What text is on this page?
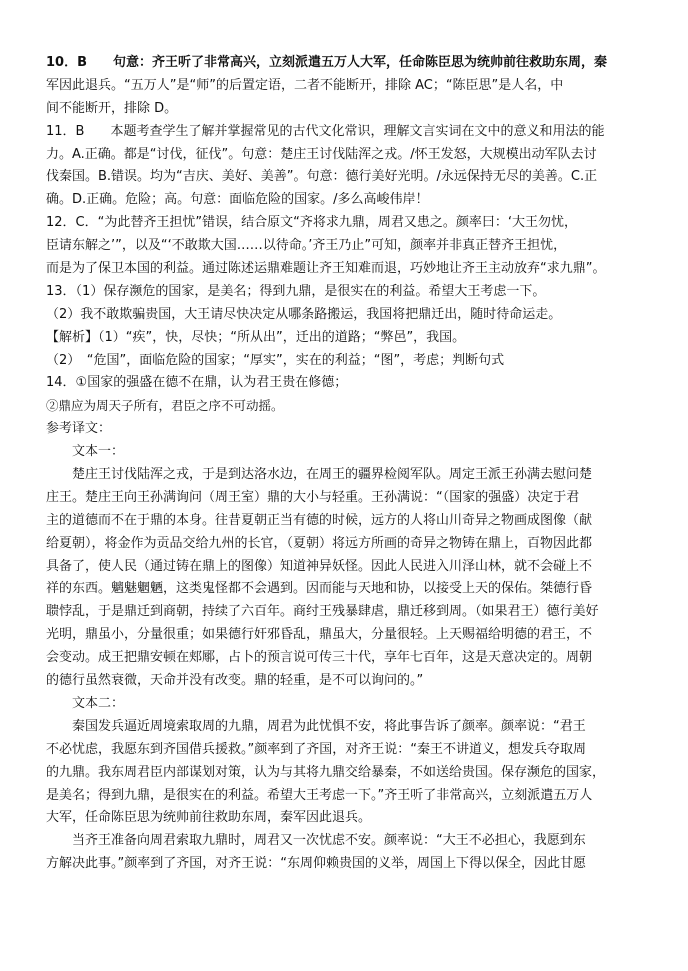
10．B　　句意：齐王听了非常高兴，立刻派遣五万人大军，任命陈臣思为统帅前往救助东周，秦
军因此退兵。“五万人”是“师”的后置定语，二者不能断开，排除 AC；“陈臣思”是人名，中
间不能断开，排除 D。
11．B　　本题考查学生了解并掌握常见的古代文化常识，理解文言实词在文中的意义和用法的能
力。A.正确。都是“讨伐，征伐”。句意：楚庄王讨伐陆浑之戎。/怀王发怒，大规模出动军队去讨
伐秦国。B.错误。均为“吉庆、美好、美善”。句意：德行美好光明。/永远保持无尽的美善。C.正
确。D.正确。危险；高。句意：面临危险的国家。/多么高峻伟岸！
12．C．“为此替齐王担忧”错误，结合原文“齐将求九鼎，周君又患之。颜率曰：‘大王勿忧，
臣请东解之’”，以及“‘不敢欺大国……以待命。’齐王乃止”可知，颜率并非真正替齐王担忧，
而是为了保卫本国的利益。通过陈述运鼎难题让齐王知难而退，巧妙地让齐王主动放弃“求九鼎”。
13．（1）保存濒危的国家，是美名；得到九鼎，是很实在的利益。希望大王考虑一下。
（2）我不敢欺骗贵国，大王请尽快决定从哪条路搬运，我国将把鼎迁出，随时待命运走。
【解析】（1）“疾”，快，尽快；“所从出”，迁出的道路；“弊邑”，我国。
（2）　“危国”，面临危险的国家；“厚实”，实在的利益；“图”，考虑；判断句式
14．①国家的强盛在德不在鼎，认为君王贵在修德；
②鼎应为周天子所有，君臣之序不可动摇。
参考译文：
文本一：
楚庄王讨伐陆浑之戎，于是到达洛水边，在周王的疆界检阅军队。周定王派王孙满去慰问楚
庄王。楚庄王向王孙满询问（周王室）鼎的大小与轻重。王孙满说：“（国家的强盛）决定于君
主的道德而不在于鼎的本身。往昔夏朝正当有德的时候，远方的人将山川奇异之物画成图像（献
给夏朝），将金作为贡品交给九州的长官，（夏朝）将远方所画的奇异之物铸在鼎上，百物因此都
具备了，使人民（通过铸在鼎上的图像）知道神异妖怪。因此人民进入川泽山林，就不会碰上不
祥的东西。魑魅魍魉，这类鬼怪都不会遇到。因而能与天地和协，以接受上天的保佑。桀德行昏
聩悖乱，于是鼎迁到商朝，持续了六百年。商纣王残暴肆虐，鼎迁移到周。（如果君王）德行美好
光明，鼎虽小，分量很重；如果德行奸邪昏乱，鼎虽大，分量很轻。上天赐福给明德的君王，不
会变动。成王把鼎安顿在郏鄏，占卜的预言说可传三十代，享年七百年，这是天意决定的。周朝
的德行虽然衰微，天命并没有改变。鼎的轻重，是不可以询问的。”
文本二：
秦国发兵逼近周境索取周的九鼎，周君为此忧惧不安，将此事告诉了颜率。颜率说：“君王
不必忧虑，我愿东到齐国借兵援救。”颜率到了齐国，对齐王说：“秦王不讲道义，想发兵夺取周
的九鼎。我东周君臣内部谋划对策，认为与其将九鼎交给暴秦，不如送给贵国。保存濒危的国家，
是美名；得到九鼎，是很实在的利益。希望大王考虑一下。”齐王听了非常高兴，立刻派遣五万人
大军，任命陈臣思为统帅前往救助东周，秦军因此退兵。
当齐王准备向周君索取九鼎时，周君又一次忧虑不安。颜率说：“大王不必担心，我愿到东
方解决此事。”颜率到了齐国，对齐王说：“东周仰赖贵国的义举，周国上下得以保全，因此甘愿
